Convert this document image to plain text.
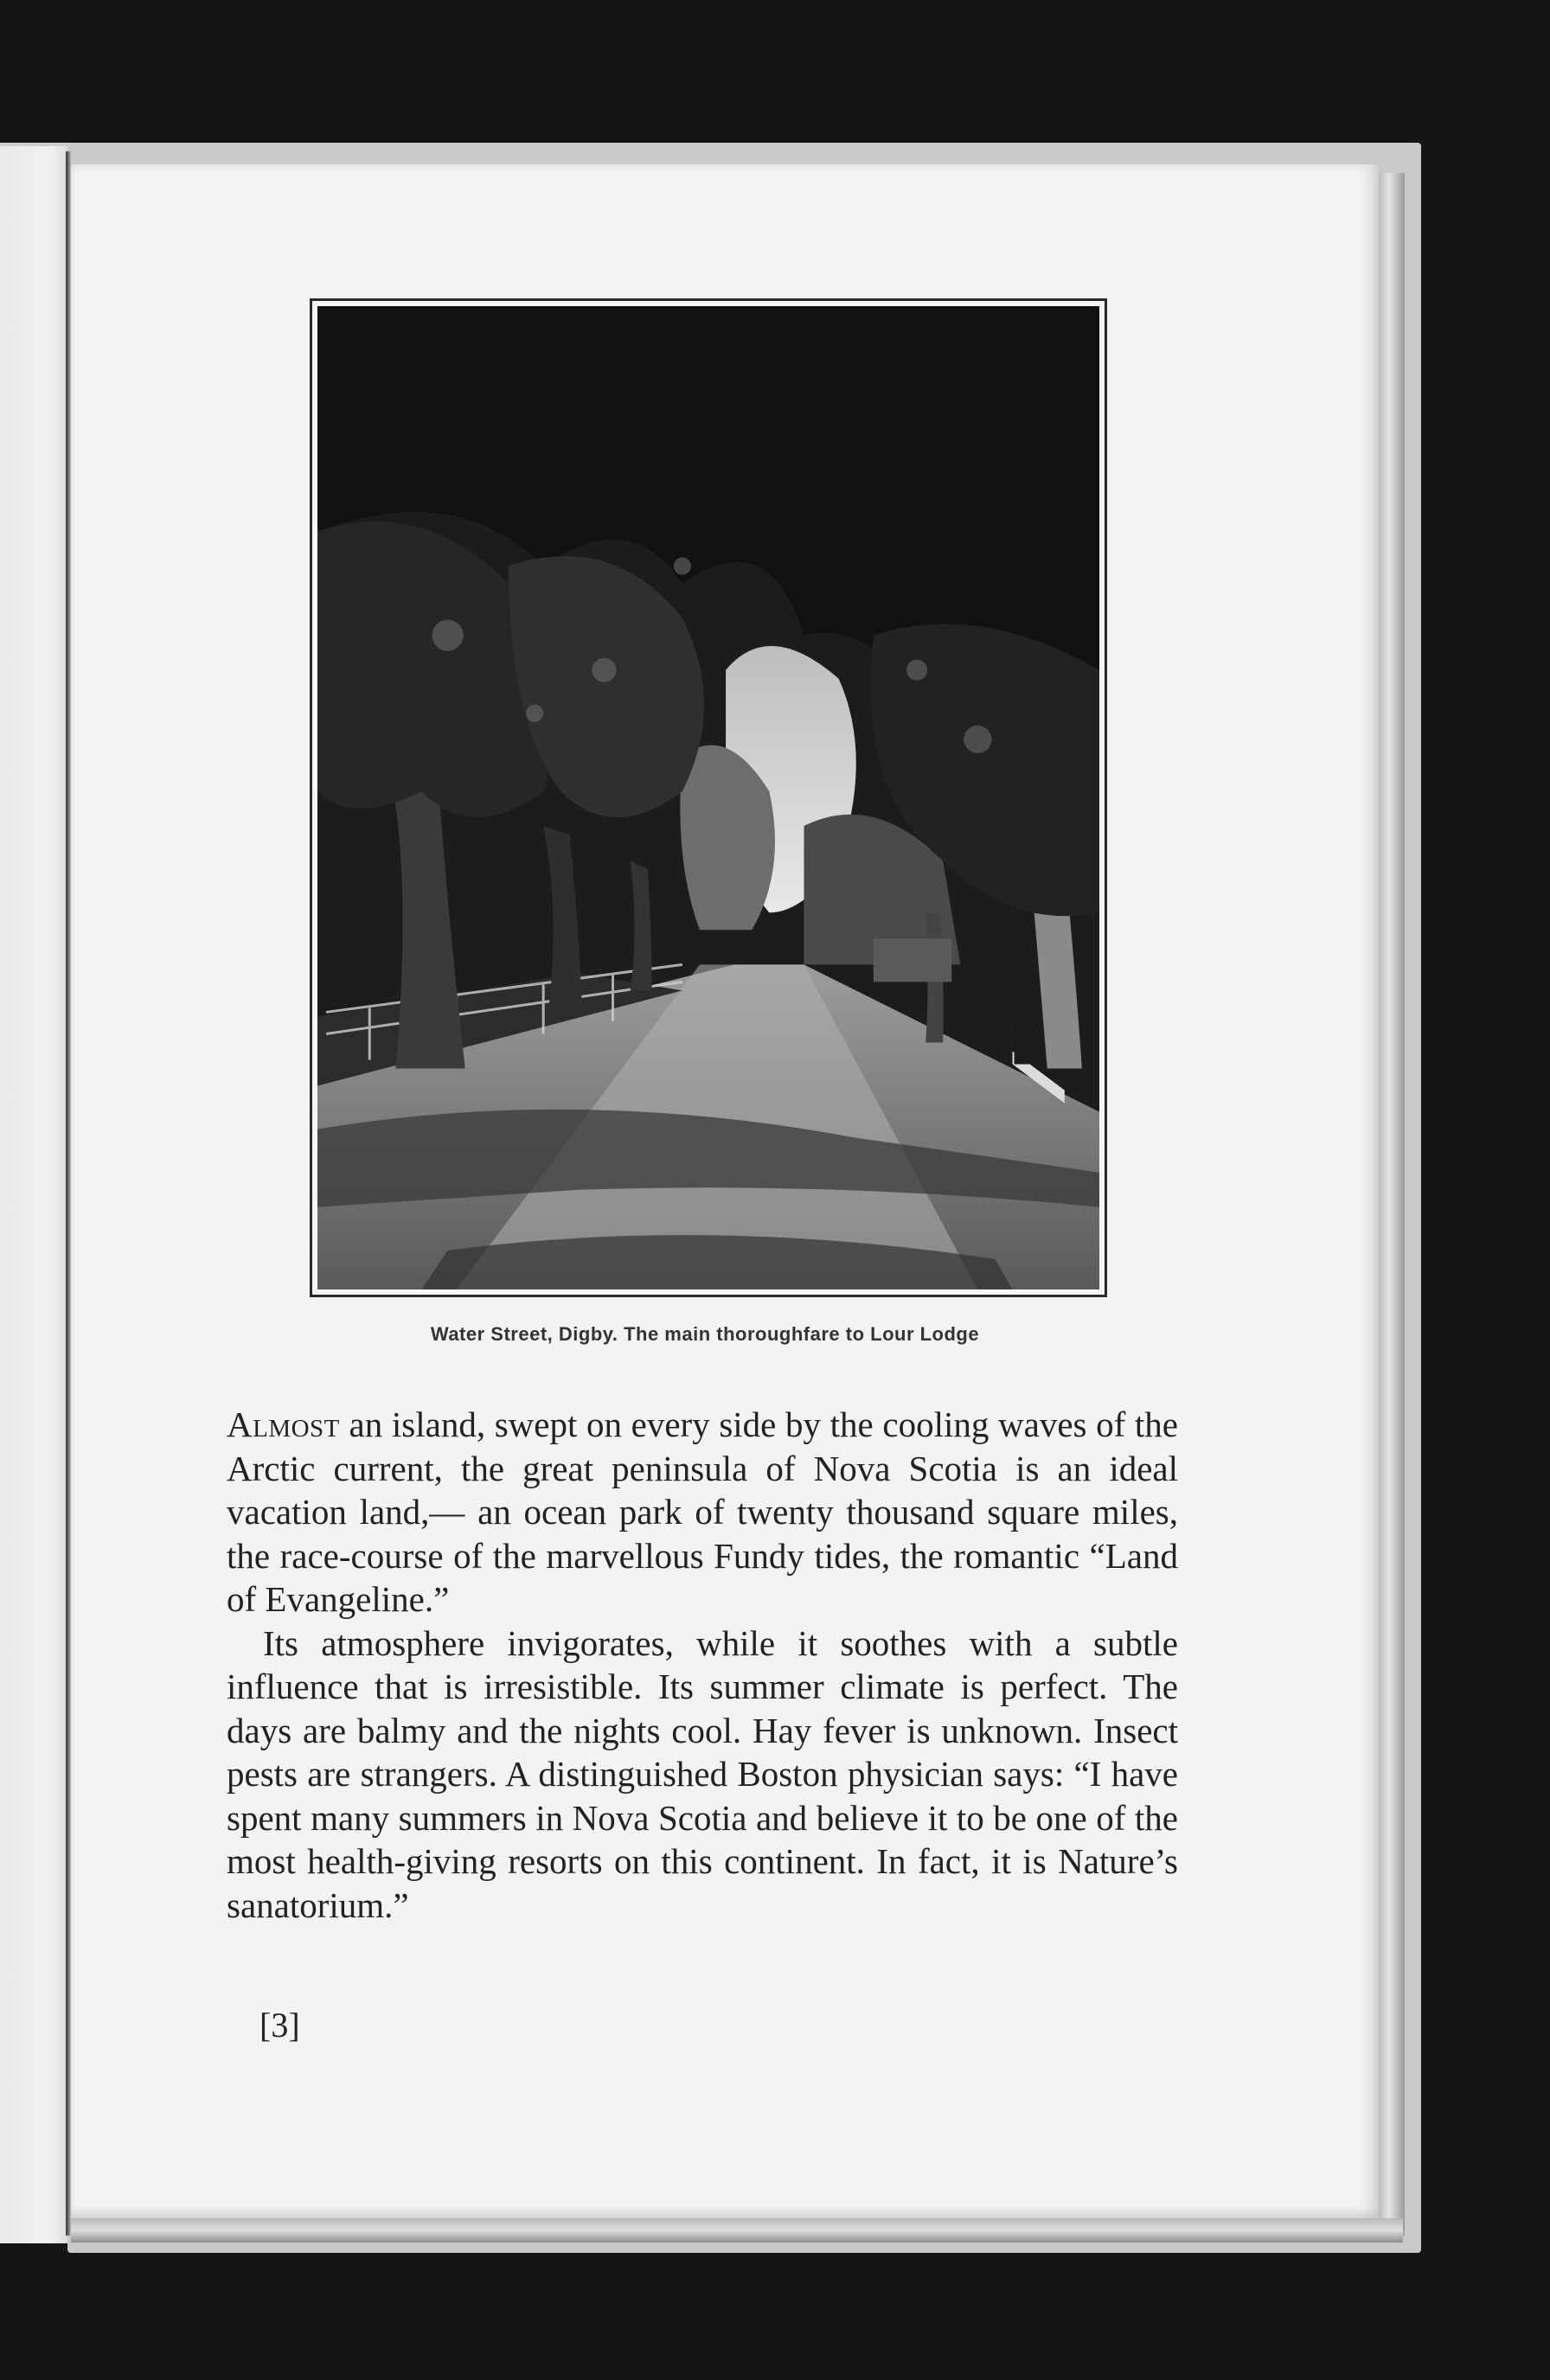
Water Street, Digby. The main thoroughfare to Lour Lodge

Almost an island, swept on every side by the cooling waves of the Arctic current, the great peninsula of Nova Scotia is an ideal vacation land,— an ocean park of twenty thousand square miles, the race-course of the marvellous Fundy tides, the romantic “Land of Evangeline.”

Its atmosphere invigorates, while it soothes with a subtle influence that is irresistible. Its summer climate is perfect. The days are balmy and the nights cool. Hay fever is unknown. Insect pests are strangers. A distinguished Boston physician says: “I have spent many summers in Nova Scotia and believe it to be one of the most health-giving resorts on this continent. In fact, it is Nature’s sanatorium.”

[3]
